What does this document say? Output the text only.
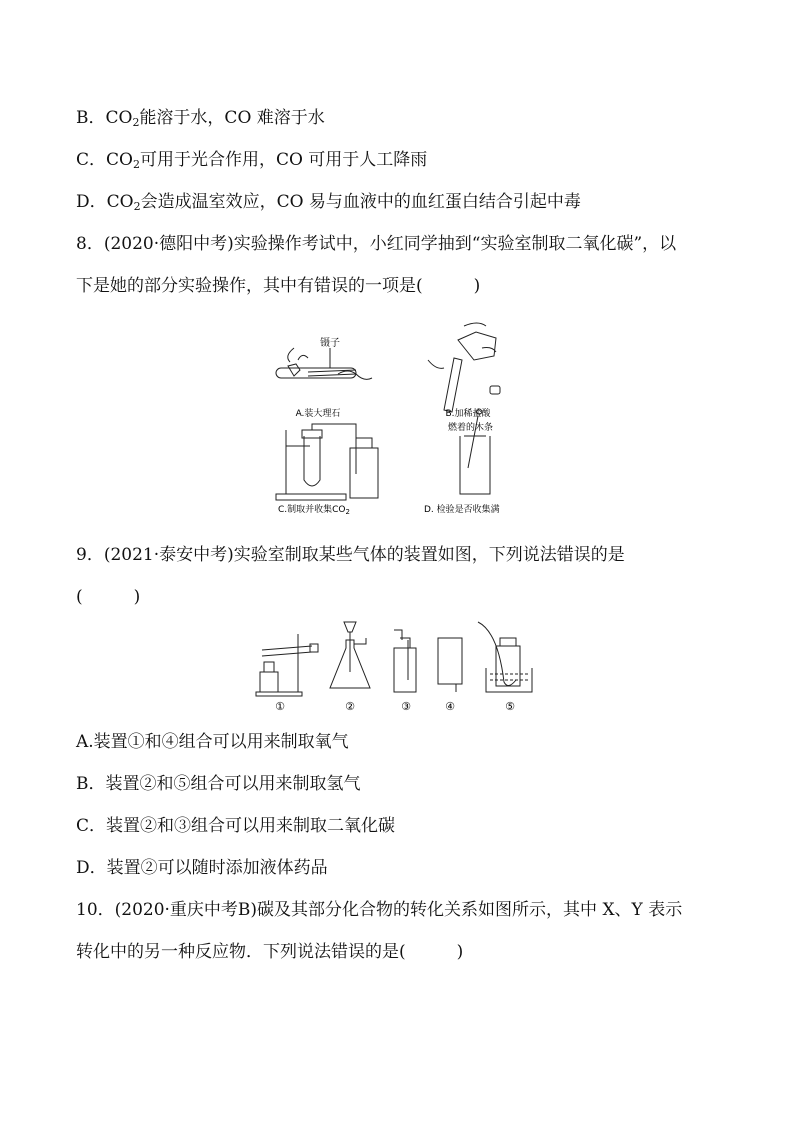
B．$CO_2$能溶于水，CO 难溶于水
C．$CO_2$可用于光合作用，CO 可用于人工降雨
D．$CO_2$会造成温室效应，CO 易与血液中的血红蛋白结合引起中毒
8．(2020·德阳中考)实验操作考试中，小红同学抽到“实验室制取二氧化碳”，以
下是她的部分实验操作，其中有错误的一项是(　　　)
镊子
A.装大理石	B.加稀盐酸
C.制取并收集$CO_2$
燃着的木条
D. 检验是否收集满
9．(2021·泰安中考)实验室制取某些气体的装置如图，下列说法错误的是
(　　　)
①	②	③	④	⑤
A.装置①和④组合可以用来制取氧气
B．装置②和⑤组合可以用来制取氢气
C．装置②和③组合可以用来制取二氧化碳
D．装置②可以随时添加液体药品
10．(2020·重庆中考B)碳及其部分化合物的转化关系如图所示，其中 X、Y 表示
转化中的另一种反应物．下列说法错误的是(　　　)
